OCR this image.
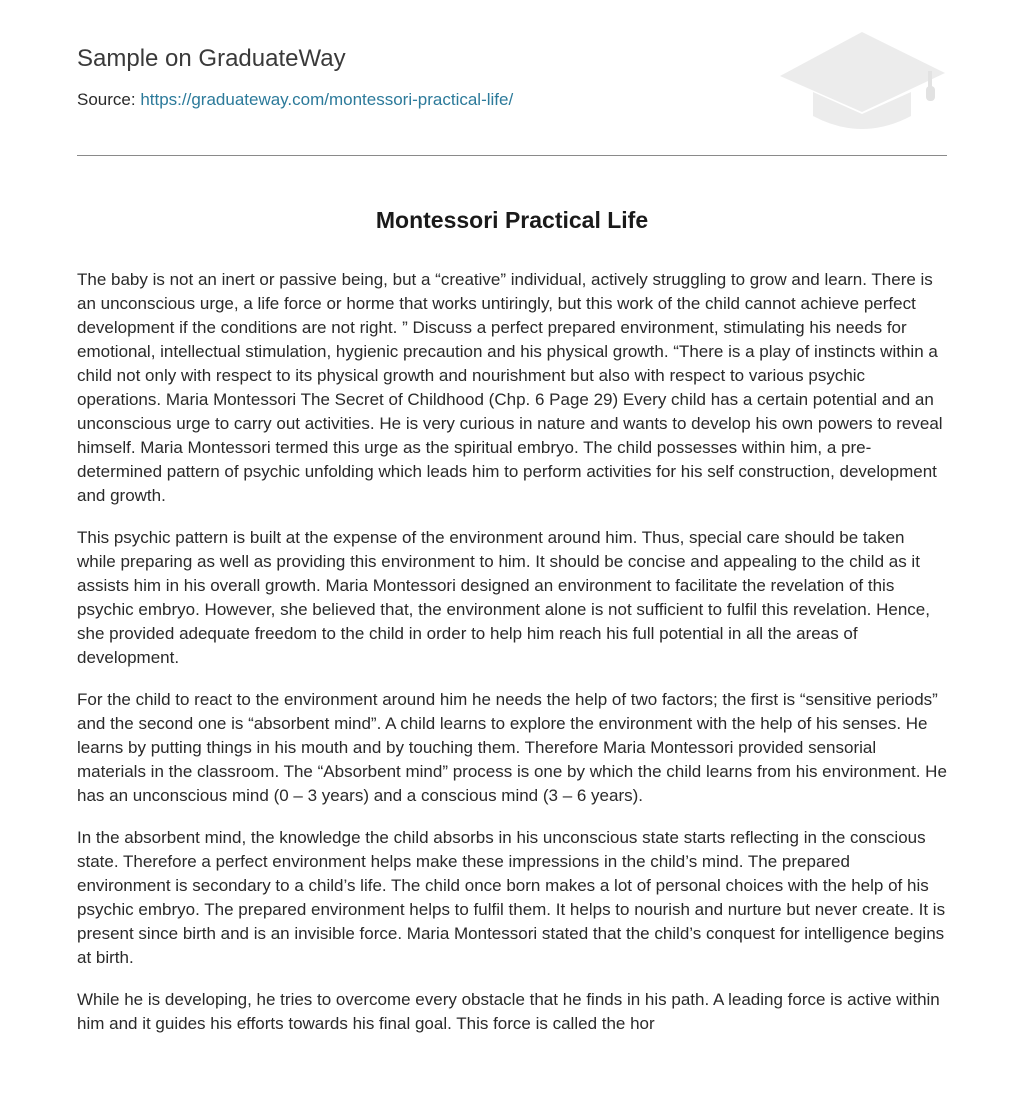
Sample on GraduateWay
Source: https://graduateway.com/montessori-practical-life/
Montessori Practical Life

The baby is not an inert or passive being, but a “creative” individual, actively struggling to grow and learn. There is an unconscious urge, a life force or horme that works untiringly, but this work of the child cannot achieve perfect development if the conditions are not right. ” Discuss a perfect prepared environment, stimulating his needs for emotional, intellectual stimulation, hygienic precaution and his physical growth. “There is a play of instincts within a child not only with respect to its physical growth and nourishment but also with respect to various psychic operations. Maria Montessori The Secret of Childhood (Chp. 6 Page 29) Every child has a certain potential and an unconscious urge to carry out activities. He is very curious in nature and wants to develop his own powers to reveal himself. Maria Montessori termed this urge as the spiritual embryo. The child possesses within him, a pre-determined pattern of psychic unfolding which leads him to perform activities for his self construction, development and growth.

This psychic pattern is built at the expense of the environment around him. Thus, special care should be taken while preparing as well as providing this environment to him. It should be concise and appealing to the child as it assists him in his overall growth. Maria Montessori designed an environment to facilitate the revelation of this psychic embryo. However, she believed that, the environment alone is not sufficient to fulfil this revelation. Hence, she provided adequate freedom to the child in order to help him reach his full potential in all the areas of development.

For the child to react to the environment around him he needs the help of two factors; the first is “sensitive periods” and the second one is “absorbent mind”. A child learns to explore the environment with the help of his senses. He learns by putting things in his mouth and by touching them. Therefore Maria Montessori provided sensorial materials in the classroom. The “Absorbent mind” process is one by which the child learns from his environment. He has an unconscious mind (0 – 3 years) and a conscious mind (3 – 6 years).

In the absorbent mind, the knowledge the child absorbs in his unconscious state starts reflecting in the conscious state. Therefore a perfect environment helps make these impressions in the child’s mind. The prepared environment is secondary to a child’s life. The child once born makes a lot of personal choices with the help of his psychic embryo. The prepared environment helps to fulfil them. It helps to nourish and nurture but never create. It is present since birth and is an invisible force. Maria Montessori stated that the child’s conquest for intelligence begins at birth.

While he is developing, he tries to overcome every obstacle that he finds in his path. A leading force is active within him and it guides his efforts towards his final goal. This force is called the hor
